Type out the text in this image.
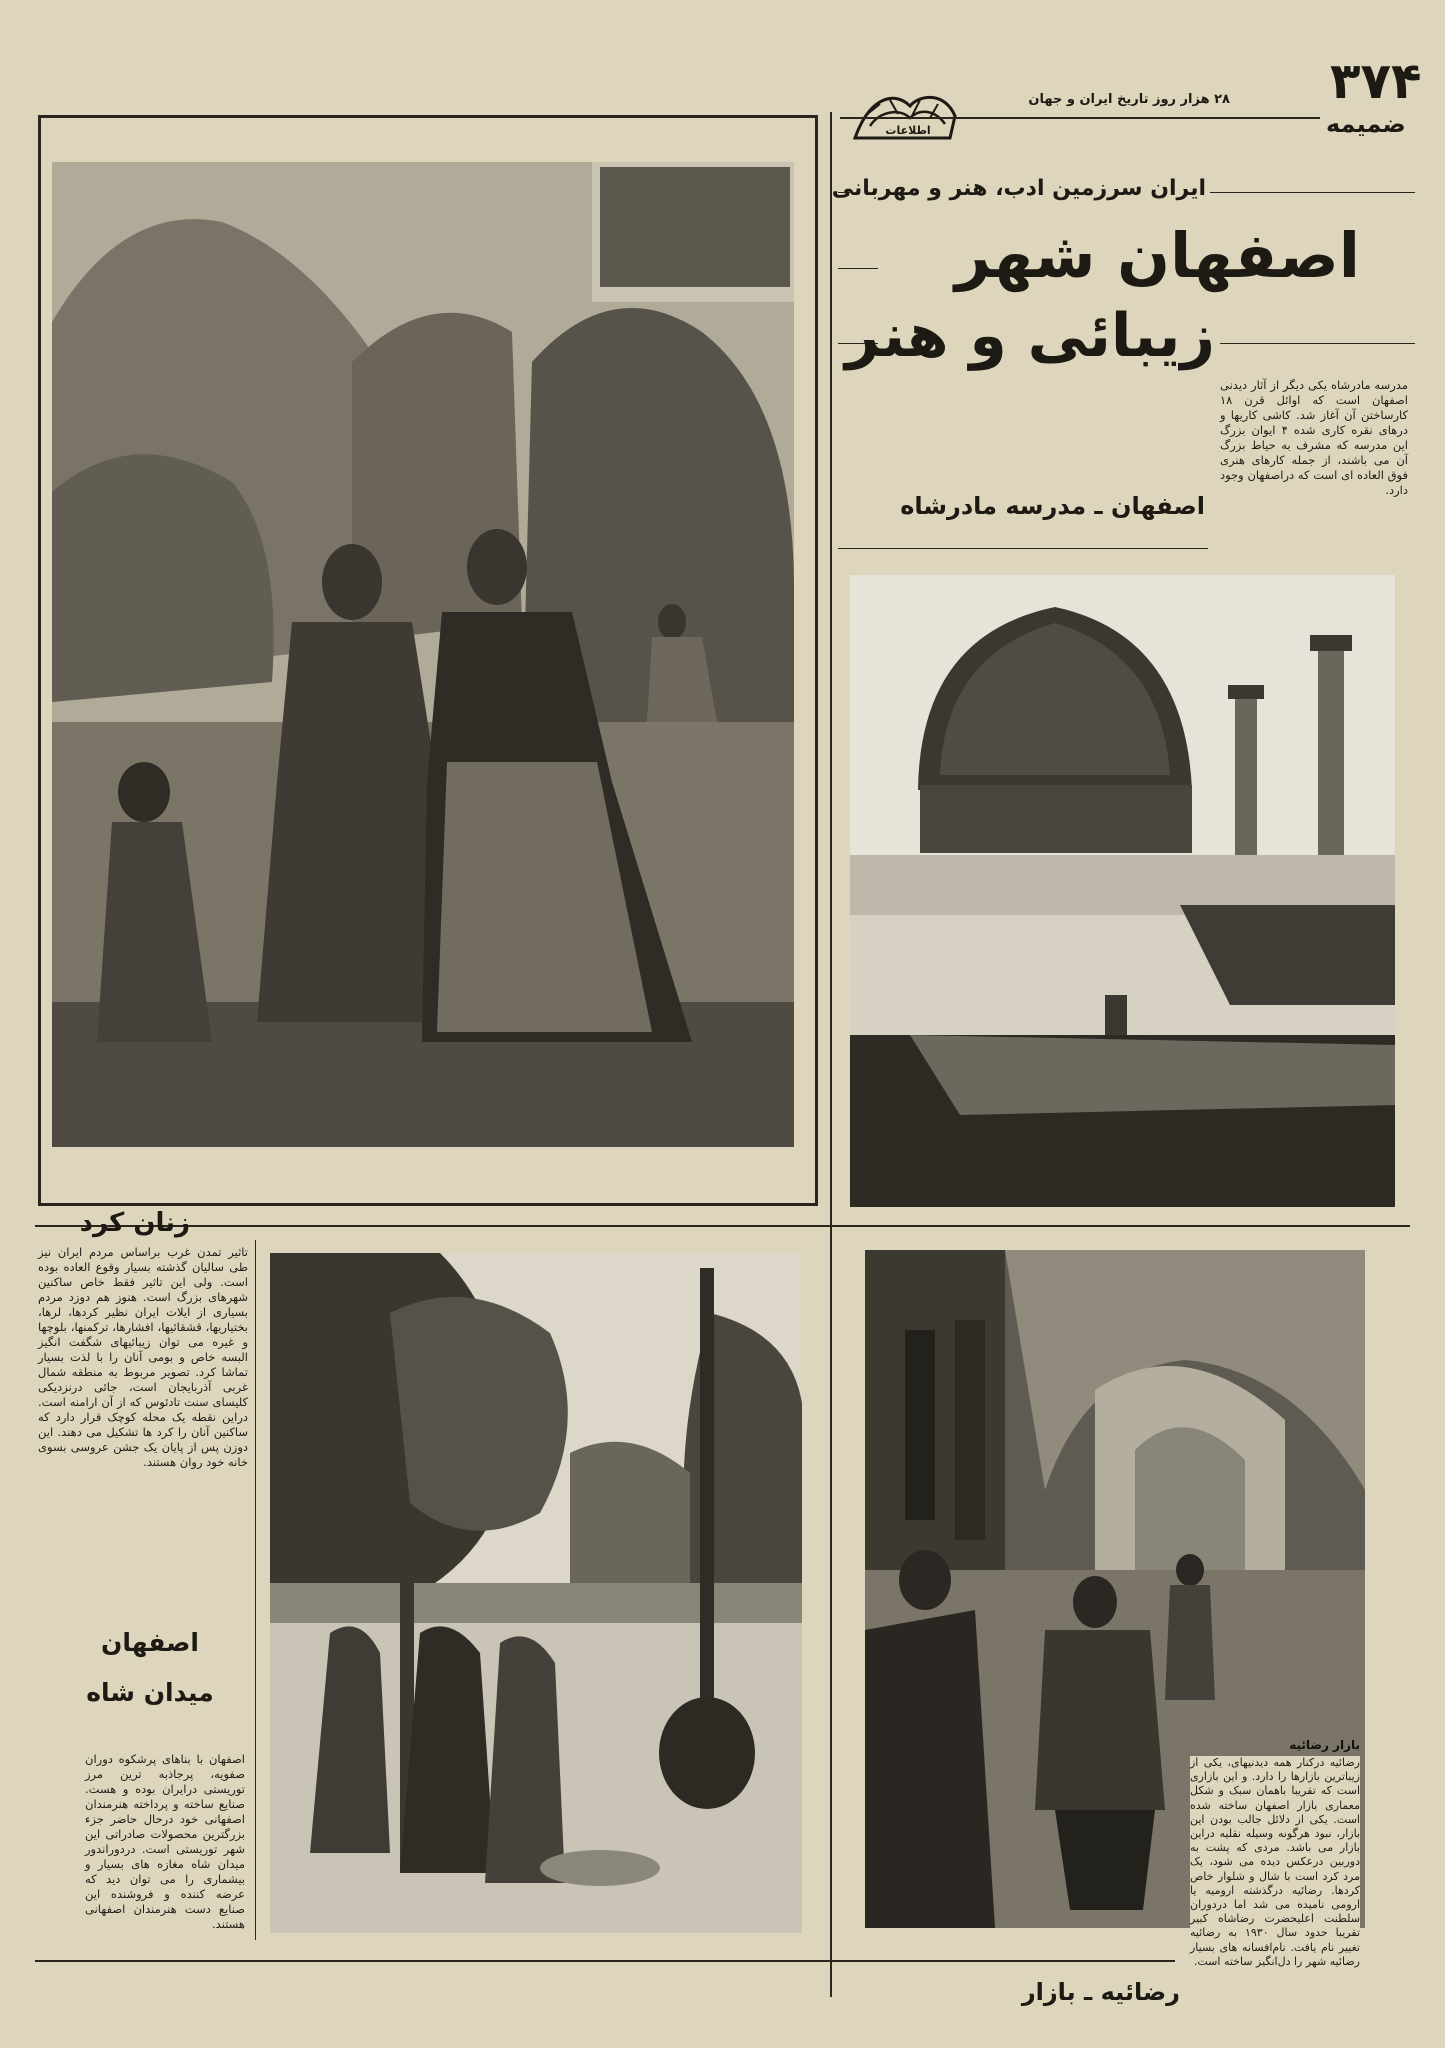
۳۷۴
ضمیمه
۲۸ هزار روز تاریخ ایران و جهان
اطلاعات
ایران سرزمین ادب، هنر و مهربانی
اصفهان شهر
زیبائی و هنر
مدرسه مادرشاه یکی دیگر از آثار دیدنی اصفهان است که اوائل قرن ۱۸ کارساختن آن آغاز شد. کاشی کاریها و درهای نقره کاری شده ۴ ایوان بزرگ این مدرسه که مشرف به حیاط بزرگ آن می باشند، از جمله کارهای هنری فوق العاده ای است که دراصفهان وجود دارد.
اصفهان ـ مدرسه مادرشاه
زنان کرد
تاثیر تمدن غرب براساس مردم ایران نیز طی سالیان گذشته بسیار وقوع العاده بوده است. ولی این تاثیر فقط خاص ساکنین شهرهای بزرگ است. هنوز هم دوزد مردم بسیاری از ایلات ایران نظیر کردها، لرها، بختیاریها، قشقائیها، افشارها، ترکمنها، بلوچها و غیره می توان زیبائیهای شگفت انگیز البسه خاص و بومی آنان را با لذت بسیار تماشا کرد. تصویر مربوط به منطقه شمال غربی آذربایجان است، جائی درنزدیکی کلیسای سنت تادئوس که از آن ارامنه است. دراین نقطه یک محله کوچک قرار دارد که ساکنین آنان را کرد ها تشکیل می دهند. این دوزن پس از پایان یک جشن عروسی بسوی خانه خود روان هستند.
اصفهان
میدان شاه
اصفهان با بناهای پرشکوه دوران صفویه، پرجاذبه ترین مرز توریستی درایران بوده و هست. صنایع ساخته و پرداخته هنرمندان اصفهانی خود درحال حاضر جزء بزرگترین محصولات صادراتی این شهر توریستی است. دردوراندور میدان شاه مغازه های بسیار و بیشماری را می توان دید که عرضه کننده و فروشنده این صنایع دست هنرمندان اصفهانی هستند.
بازار رضائیه
رضائیه درکنار همه دیدنیهای، یکی از زیباترین بازارها را دارد. و این بازاری است که تقریبا باهمان سبک و شکل معماری بازار اصفهان ساخته شده است. یکی از دلائل جالب بودن این بازار، نبود هرگونه وسیله نقلیه دراین بازار می باشد. مردی که پشت به دوربین درعکس دیده می شود، یک مرد کرد است با شال و شلوار خاص کردها. رضائیه درگذشته ارومیه یا ارومی نامیده می شد اما دردوران سلطنت اعلیحضرت رضاشاه کبیر تقریبا حدود سال ۱۹۳۰ به رضائیه تغییر نام یافت. نام‌افسانه های بسیار رضائیه شهر را دل‌انگیز ساخته است.
رضائیه ـ بازار
